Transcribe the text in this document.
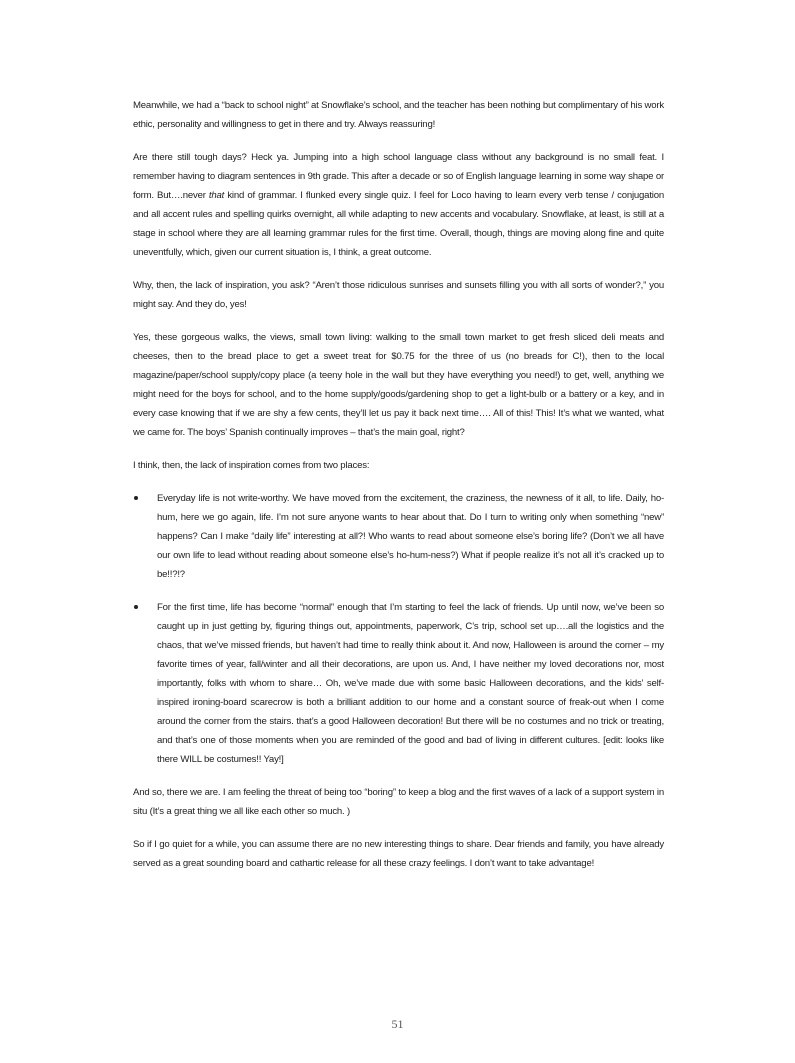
Meanwhile, we had a “back to school night” at Snowflake’s school, and the teacher has been nothing but complimentary of his work ethic, personality and willingness to get in there and try. Always reassuring!

Are there still tough days? Heck ya. Jumping into a high school language class without any background is no small feat. I remember having to diagram sentences in 9th grade. This after a decade or so of English language learning in some way shape or form. But….never that kind of grammar. I flunked every single quiz. I feel for Loco having to learn every verb tense / conjugation and all accent rules and spelling quirks overnight, all while adapting to new accents and vocabulary. Snowflake, at least, is still at a stage in school where they are all learning grammar rules for the first time. Overall, though, things are moving along fine and quite uneventfully, which, given our current situation is, I think, a great outcome.

Why, then, the lack of inspiration, you ask? “Aren’t those ridiculous sunrises and sunsets filling you with all sorts of wonder?,” you might say. And they do, yes!

Yes, these gorgeous walks, the views, small town living: walking to the small town market to get fresh sliced deli meats and cheeses, then to the bread place to get a sweet treat for $0.75 for the three of us (no breads for C!), then to the local magazine/paper/school supply/copy place (a teeny hole in the wall but they have everything you need!) to get, well, anything we might need for the boys for school, and to the home supply/goods/gardening shop to get a light-bulb or a battery or a key, and in every case knowing that if we are shy a few cents, they’ll let us pay it back next time…. All of this! This! It’s what we wanted, what we came for. The boys’ Spanish continually improves – that’s the main goal, right?

I think, then, the lack of inspiration comes from two places:

Everyday life is not write-worthy. We have moved from the excitement, the craziness, the newness of it all, to life. Daily, ho-hum, here we go again, life. I’m not sure anyone wants to hear about that. Do I turn to writing only when something “new” happens? Can I make “daily life” interesting at all?! Who wants to read about someone else’s boring life? (Don’t we all have our own life to lead without reading about someone else’s ho-hum-ness?) What if people realize it’s not all it’s cracked up to be!!?!?
For the first time, life has become “normal” enough that I’m starting to feel the lack of friends. Up until now, we’ve been so caught up in just getting by, figuring things out, appointments, paperwork, C’s trip, school set up….all the logistics and the chaos, that we’ve missed friends, but haven’t had time to really think about it. And now, Halloween is around the corner – my favorite times of year, fall/winter and all their decorations, are upon us. And, I have neither my loved decorations nor, most importantly, folks with whom to share… Oh, we’ve made due with some basic Halloween decorations, and the kids’ self-inspired ironing-board scarecrow is both a brilliant addition to our home and a constant source of freak-out when I come around the corner from the stairs. that’s a good Halloween decoration! But there will be no costumes and no trick or treating, and that’s one of those moments when you are reminded of the good and bad of living in different cultures. [edit: looks like there WILL be costumes!! Yay!]

And so, there we are. I am feeling the threat of being too “boring” to keep a blog and the first waves of a lack of a support system in situ (It’s a great thing we all like each other so much. )

So if I go quiet for a while, you can assume there are no new interesting things to share. Dear friends and family, you have already served as a great sounding board and cathartic release for all these crazy feelings. I don’t want to take advantage!

51
